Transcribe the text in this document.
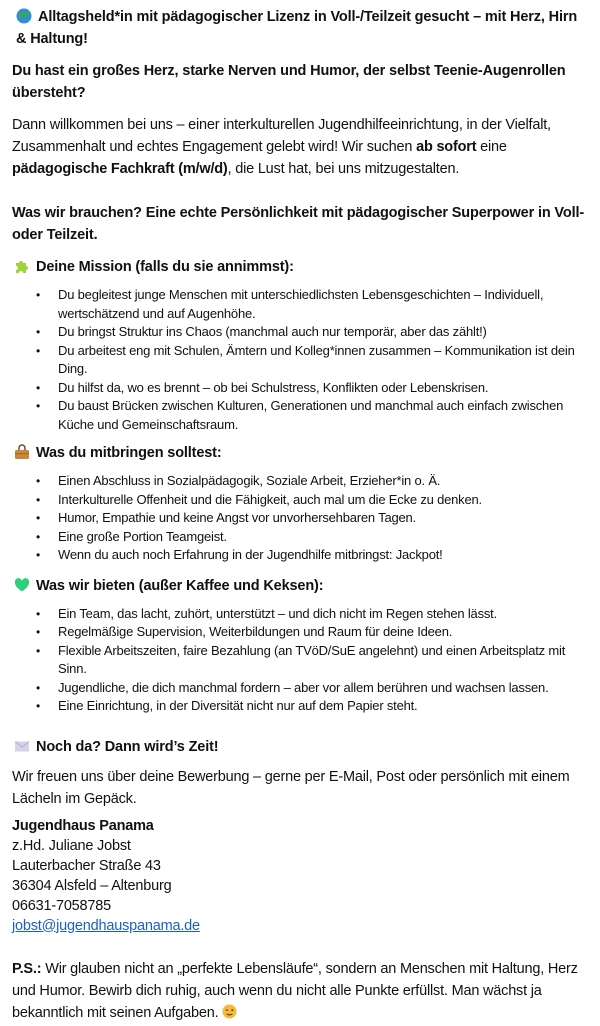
Alltagsheld*in mit pädagogischer Lizenz in Voll-/Teilzeit gesucht – mit Herz, Hirn & Haltung!

Du hast ein großes Herz, starke Nerven und Humor, der selbst Teenie-Augenrollen übersteht?

Dann willkommen bei uns – einer interkulturellen Jugendhilfeeinrichtung, in der Vielfalt, Zusammenhalt und echtes Engagement gelebt wird! Wir suchen ab sofort eine pädagogische Fachkraft (m/w/d), die Lust hat, bei uns mitzugestalten.

Was wir brauchen? Eine echte Persönlichkeit mit pädagogischer Superpower in Voll- oder Teilzeit.

Deine Mission (falls du sie annimmst):

• Du begleitest junge Menschen mit unterschiedlichsten Lebensgeschichten – Individuell, wertschätzend und auf Augenhöhe.
• Du bringst Struktur ins Chaos (manchmal auch nur temporär, aber das zählt!)
• Du arbeitest eng mit Schulen, Ämtern und Kolleg*innen zusammen – Kommunikation ist dein Ding.
• Du hilfst da, wo es brennt – ob bei Schulstress, Konflikten oder Lebenskrisen.
• Du baust Brücken zwischen Kulturen, Generationen und manchmal auch einfach zwischen Küche und Gemeinschaftsraum.

Was du mitbringen solltest:

• Einen Abschluss in Sozialpädagogik, Soziale Arbeit, Erzieher*in o. Ä.
• Interkulturelle Offenheit und die Fähigkeit, auch mal um die Ecke zu denken.
• Humor, Empathie und keine Angst vor unvorhersehbaren Tagen.
• Eine große Portion Teamgeist.
• Wenn du auch noch Erfahrung in der Jugendhilfe mitbringst: Jackpot!

Was wir bieten (außer Kaffee und Keksen):

• Ein Team, das lacht, zuhört, unterstützt – und dich nicht im Regen stehen lässt.
• Regelmäßige Supervision, Weiterbildungen und Raum für deine Ideen.
• Flexible Arbeitszeiten, faire Bezahlung (an TVöD/SuE angelehnt) und einen Arbeitsplatz mit Sinn.
• Jugendliche, die dich manchmal fordern – aber vor allem berühren und wachsen lassen.
• Eine Einrichtung, in der Diversität nicht nur auf dem Papier steht.

Noch da? Dann wird’s Zeit!

Wir freuen uns über deine Bewerbung – gerne per E-Mail, Post oder persönlich mit einem Lächeln im Gepäck.

Jugendhaus Panama

z.Hd. Juliane Jobst

Lauterbacher Straße 43

36304 Alsfeld – Altenburg

06631-7058785

jobst@jugendhauspanama.de

P.S.: Wir glauben nicht an „perfekte Lebensläufe“, sondern an Menschen mit Haltung, Herz und Humor. Bewirb dich ruhig, auch wenn du nicht alle Punkte erfüllst. Man wächst ja bekanntlich mit seinen Aufgaben.
